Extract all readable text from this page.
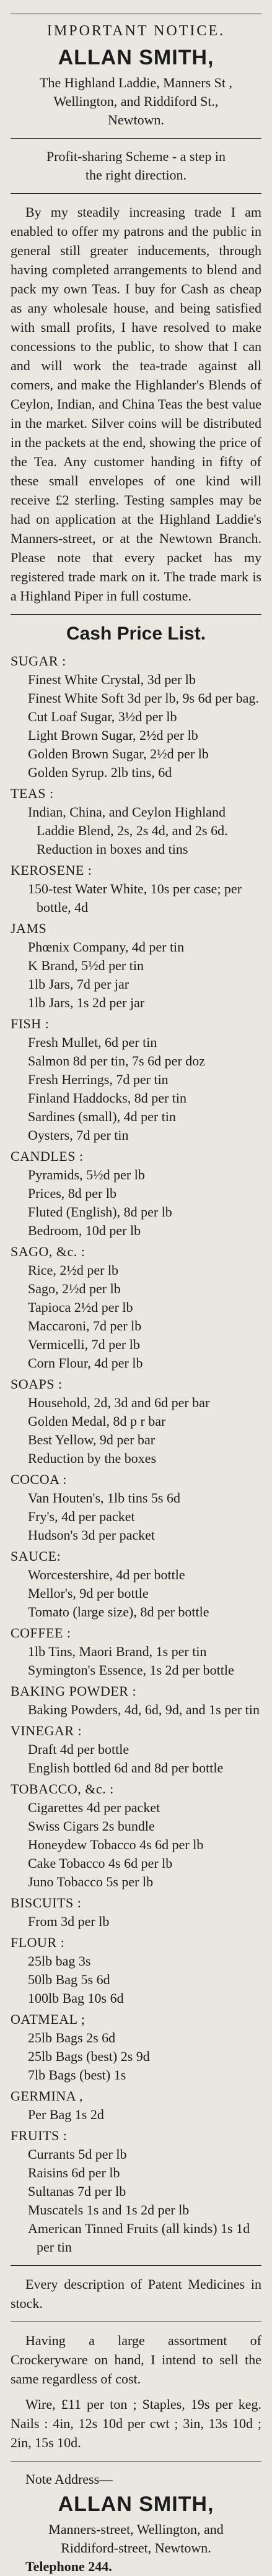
IMPORTANT NOTICE.
ALLAN SMITH,
The Highland Laddie, Manners St ,
Wellington, and Riddiford St.,
Newtown.
Profit-sharing Scheme - a step in
the right direction.

By my steadily increasing trade I am enabled to offer my patrons and the public in general still greater inducements, through having completed arrangements to blend and pack my own Teas. I buy for Cash as cheap as any wholesale house, and being satisfied with small profits, I have resolved to make concessions to the public, to show that I can and will work the tea-trade against all comers, and make the Highlander's Blends of Ceylon, Indian, and China Teas the best value in the market. Silver coins will be distributed in the packets at the end, showing the price of the Tea. Any customer handing in fifty of these small envelopes of one kind will receive £2 sterling. Testing samples may be had on application at the Highland Laddie's Manners-street, or at the Newtown Branch. Please note that every packet has my registered trade mark on it. The trade mark is a Highland Piper in full costume.

Cash Price List.
SUGAR :

Finest White Crystal, 3d per lb

Finest White Soft 3d per lb, 9s 6d per bag.

Cut Loaf Sugar, 3½d per lb

Light Brown Sugar, 2½d per lb

Golden Brown Sugar, 2½d per lb

Golden Syrup. 2lb tins, 6d

TEAS :

Indian, China, and Ceylon Highland Laddie Blend, 2s, 2s 4d, and 2s 6d. Reduction in boxes and tins

KEROSENE :

150-test Water White, 10s per case; per bottle, 4d

JAMS

Phœnix Company, 4d per tin

K Brand, 5½d per tin

1lb Jars, 7d per jar

1lb Jars, 1s 2d per jar

FISH :

Fresh Mullet, 6d per tin

Salmon 8d per tin, 7s 6d per doz

Fresh Herrings, 7d per tin

Finland Haddocks, 8d per tin

Sardines (small), 4d per tin

Oysters, 7d per tin

CANDLES :

Pyramids, 5½d per lb

Prices, 8d per lb

Fluted (English), 8d per lb

Bedroom, 10d per lb

SAGO, &c. :

Rice, 2½d per lb

Sago, 2½d per lb

Tapioca 2½d per lb

Maccaroni, 7d per lb

Vermicelli, 7d per lb

Corn Flour, 4d per lb

SOAPS :

Household, 2d, 3d and 6d per bar

Golden Medal, 8d p r bar

Best Yellow, 9d per bar

Reduction by the boxes

COCOA :

Van Houten's, 1lb tins 5s 6d

Fry's, 4d per packet

Hudson's 3d per packet

SAUCE:

Worcestershire, 4d per bottle

Mellor's, 9d per bottle

Tomato (large size), 8d per bottle

COFFEE :

1lb Tins, Maori Brand, 1s per tin

Symington's Essence, 1s 2d per bottle

BAKING POWDER :

Baking Powders, 4d, 6d, 9d, and 1s per tin

VINEGAR :

Draft 4d per bottle

English bottled 6d and 8d per bottle

TOBACCO, &c. :

Cigarettes 4d per packet

Swiss Cigars 2s bundle

Honeydew Tobacco 4s 6d per lb

Cake Tobacco 4s 6d per lb

Juno Tobacco 5s per lb

BISCUITS :

From 3d per lb

FLOUR :

25lb bag 3s

50lb Bag 5s 6d

100lb Bag 10s 6d

OATMEAL ;

25lb Bags 2s 6d

25lb Bags (best) 2s 9d

7lb Bags (best) 1s

GERMINA ,

Per Bag 1s 2d

FRUITS :

Currants 5d per lb

Raisins 6d per lb

Sultanas 7d per lb

Muscatels 1s and 1s 2d per lb

American Tinned Fruits (all kinds) 1s 1d per tin

Every description of Patent Medicines in stock.

Having a large assortment of Crockeryware on hand, I intend to sell the same regardless of cost.

Wire, £11 per ton ; Staples, 19s per keg. Nails : 4in, 12s 10d per cwt ; 3in, 13s 10d ; 2in, 15s 10d.

Note Address—
ALLAN SMITH,
Manners-street, Wellington, and
Riddiford-street, Newtown.
Telephone 244.
